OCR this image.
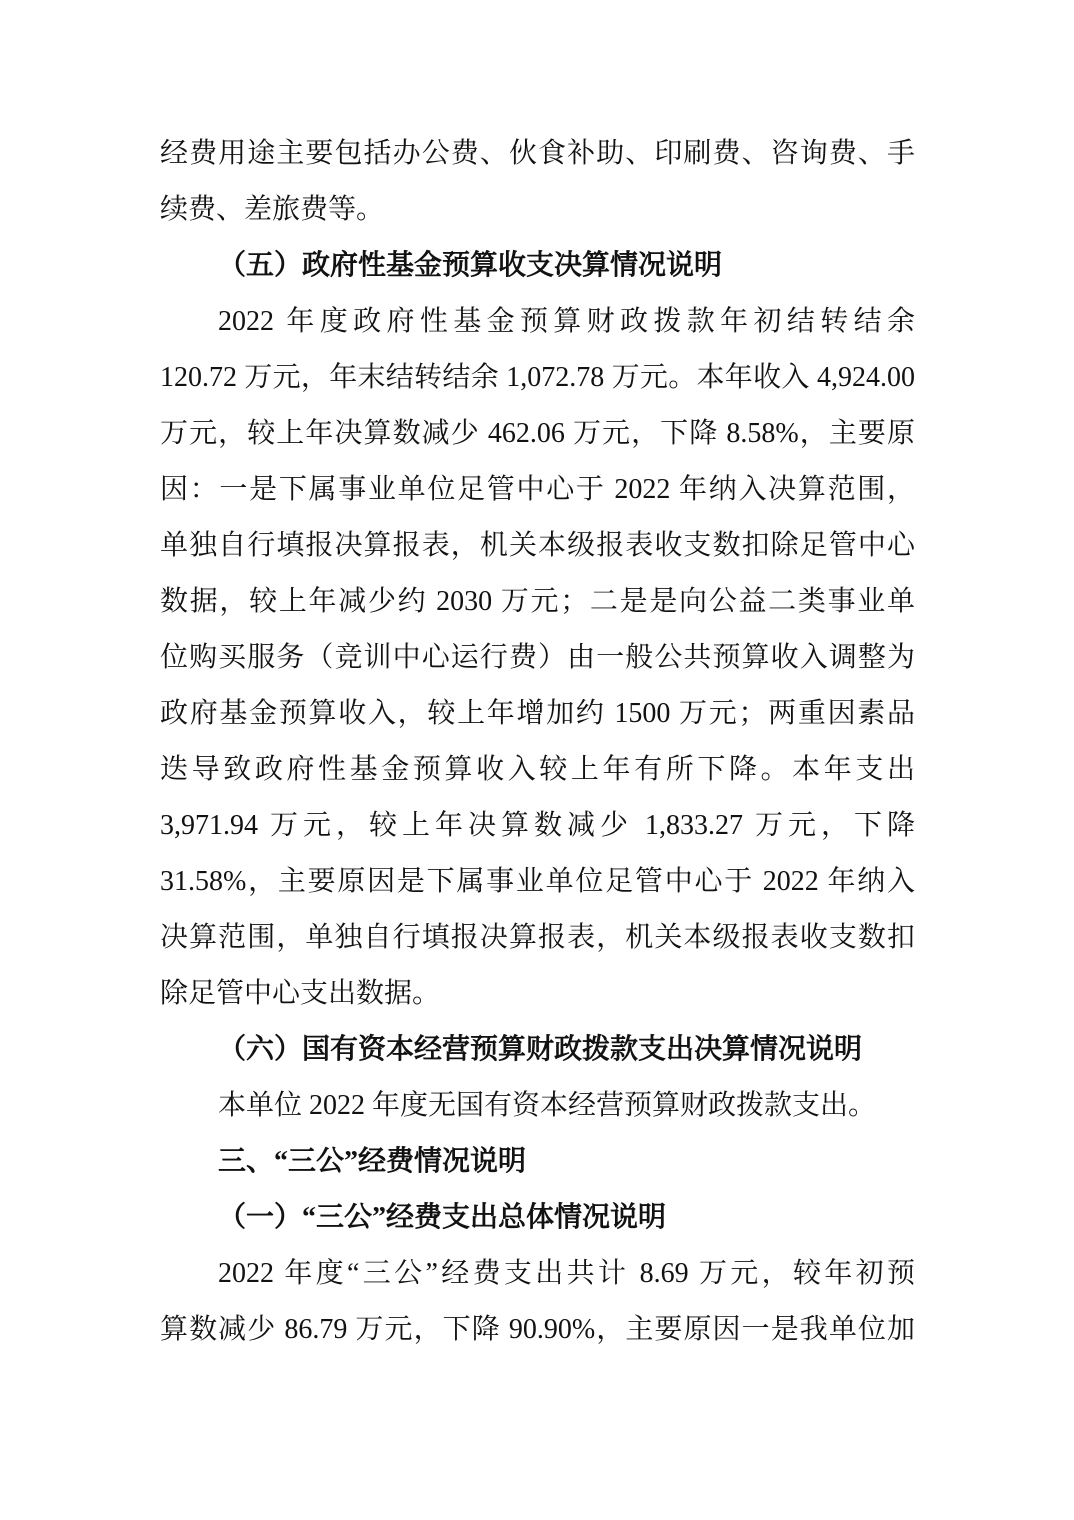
经费用途主要包括办公费、伙食补助、印刷费、咨询费、手
续费、差旅费等。
（五）政府性基金预算收支决算情况说明
2022 年度政府性基金预算财政拨款年初结转结余
120.72 万元，年末结转结余 1,072.78 万元。本年收入 4,924.00
万元，较上年决算数减少 462.06 万元，下降 8.58%，主要原
因：一是下属事业单位足管中心于 2022 年纳入决算范围，
单独自行填报决算报表，机关本级报表收支数扣除足管中心
数据，较上年减少约 2030 万元；二是是向公益二类事业单
位购买服务（竞训中心运行费）由一般公共预算收入调整为
政府基金预算收入，较上年增加约 1500 万元；两重因素品
迭导致政府性基金预算收入较上年有所下降。本年支出
3,971.94 万元，较上年决算数减少 1,833.27 万元，下降
31.58%，主要原因是下属事业单位足管中心于 2022 年纳入
决算范围，单独自行填报决算报表，机关本级报表收支数扣
除足管中心支出数据。
（六）国有资本经营预算财政拨款支出决算情况说明
本单位 2022 年度无国有资本经营预算财政拨款支出。
三、“三公”经费情况说明
（一）“三公”经费支出总体情况说明
2022 年度“三公”经费支出共计 8.69 万元，较年初预
算数减少 86.79 万元，下降 90.90%，主要原因一是我单位加
